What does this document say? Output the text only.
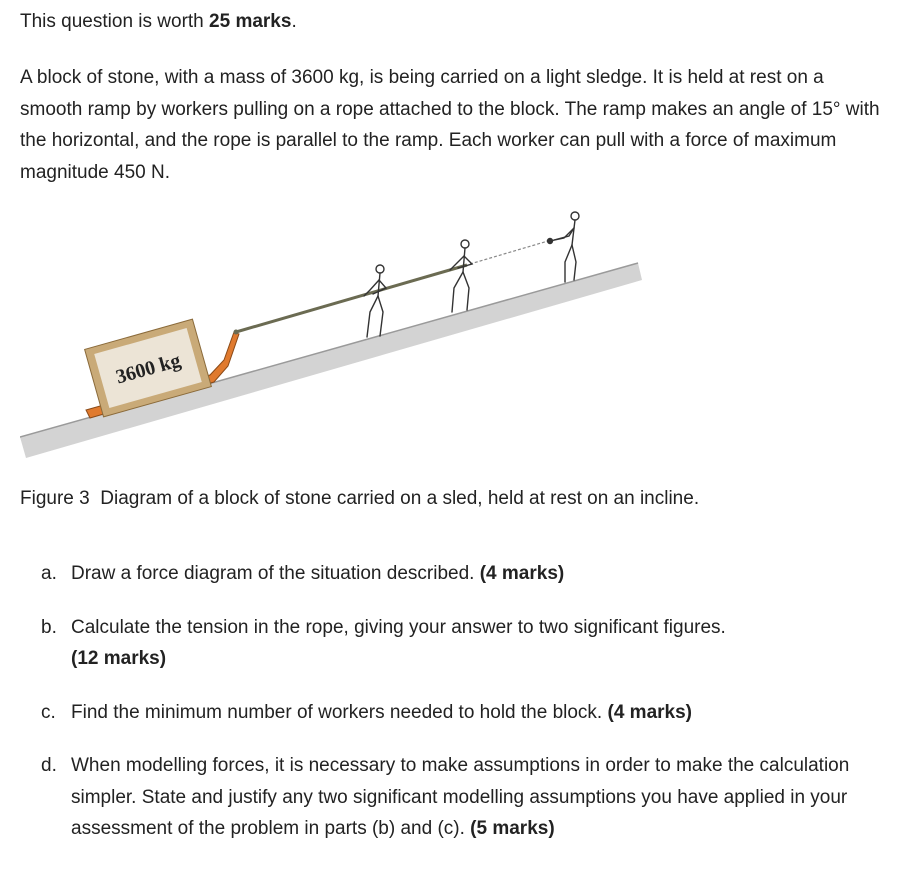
This question is worth 25 marks.

A block of stone, with a mass of 3600 kg, is being carried on a light sledge. It is held at rest on a smooth ramp by workers pulling on a rope attached to the block. The ramp makes an angle of 15° with the horizontal, and the rope is parallel to the ramp. Each worker can pull with a force of maximum magnitude 450 N.

3600 kg
Figure 3 Diagram of a block of stone carried on a sled, held at rest on an incline.
a. Draw a force diagram of the situation described. (4 marks)
b. Calculate the tension in the rope, giving your answer to two significant figures.
(12 marks)
c. Find the minimum number of workers needed to hold the block. (4 marks)
d. When modelling forces, it is necessary to make assumptions in order to make the calculation simpler. State and justify any two significant modelling assumptions you have applied in your assessment of the problem in parts (b) and (c). (5 marks)
